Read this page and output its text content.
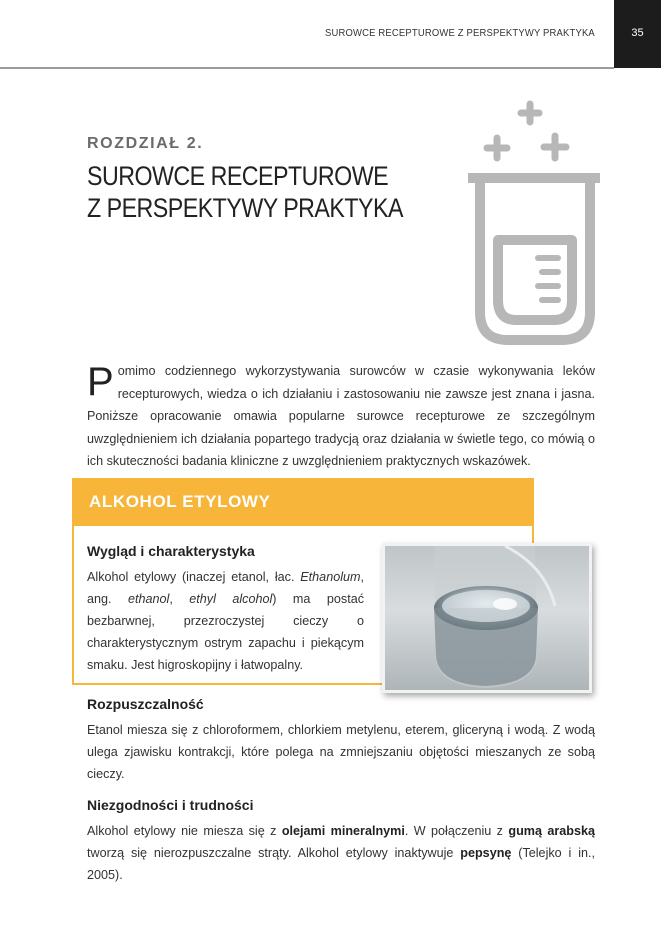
SUROWCE RECEPTUROWE Z PERSPEKTYWY PRAKTYKA	35
ROZDZIAŁ 2.
SUROWCE RECEPTUROWE
Z PERSPEKTYWY PRAKTYKA
P omimo codziennego wykorzystywania surowców w czasie wykonywania leków recepturowych, wiedza o ich działaniu i zastosowaniu nie zawsze jest znana i jasna. Poniższe opracowanie omawia popularne surowce recepturowe ze szczególnym uwzględnieniem ich działania popartego tradycją oraz działania w świetle tego, co mówią o ich skuteczności badania kliniczne z uwzględnieniem praktycznych wskazówek.
ALKOHOL ETYLOWY
Wygląd i charakterystyka
Alkohol etylowy (inaczej etanol, łac. Ethanolum, ang. ethanol, ethyl alcohol) ma postać bezbarwnej, przezroczystej cieczy o charakterystycznym ostrym zapachu i piekącym smaku. Jest higroskopijny i łatwopalny.
Rozpuszczalność
Etanol miesza się z chloroformem, chlorkiem metylenu, eterem, gliceryną i wodą. Z wodą ulega zjawisku kontrakcji, które polega na zmniejszaniu objętości mieszanych ze sobą cieczy.
Niezgodności i trudności
Alkohol etylowy nie miesza się z olejami mineralnymi. W połączeniu z gumą arabską tworzą się nierozpuszczalne strąty. Alkohol etylowy inaktywuje pepsynę (Telejko i in., 2005).
